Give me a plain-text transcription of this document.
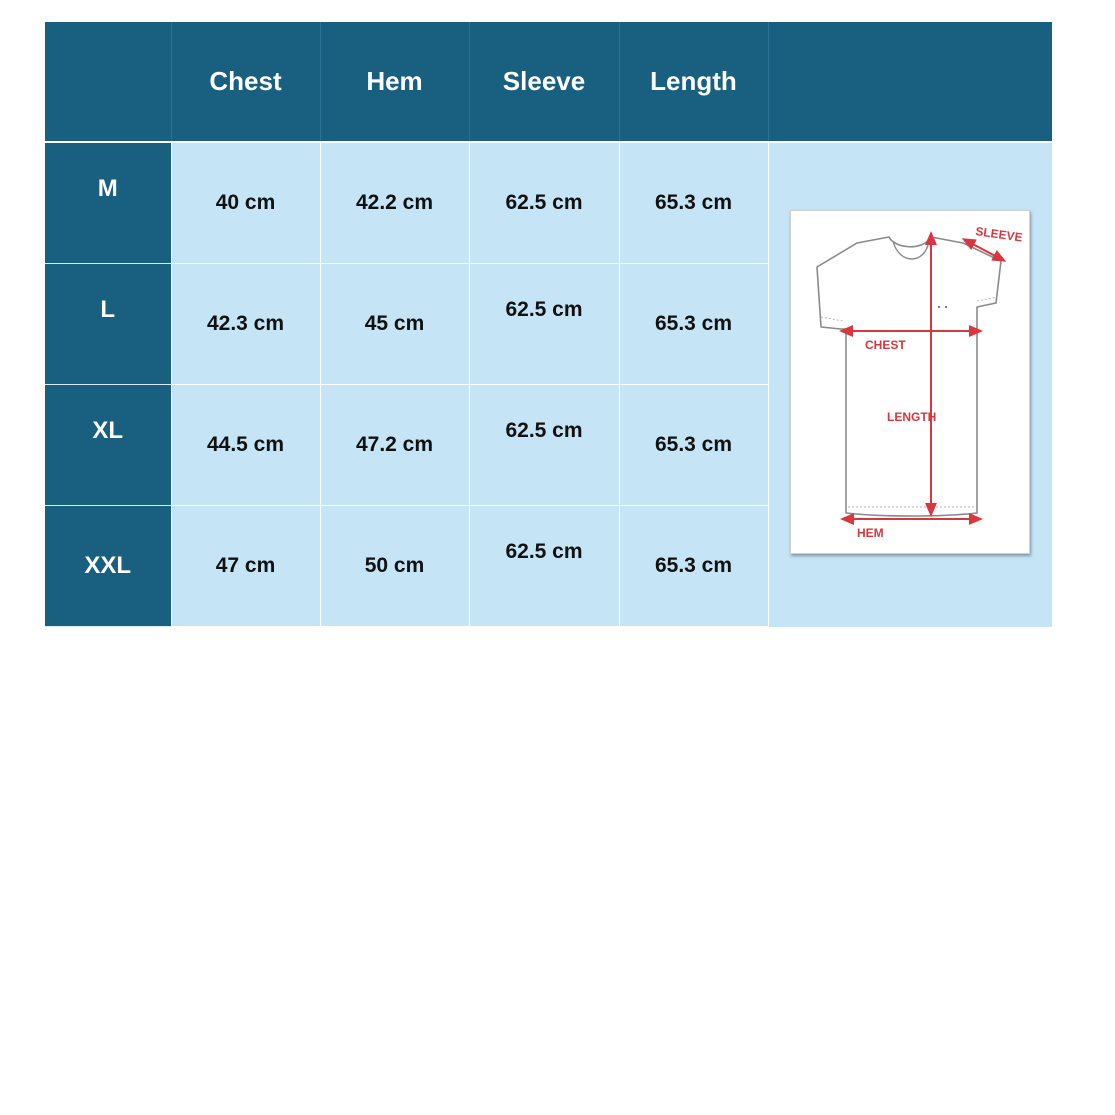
	Chest	Hem	Sleeve	Length	
M	40 cm	42.2 cm	62.5 cm	65.3 cm	SLEEVE
CHEST
LENGTH
HEM

L	42.3 cm	45 cm	62.5 cm	65.3 cm	
XL	44.5 cm	47.2 cm	62.5 cm	65.3 cm	
XXL	47 cm	50 cm	62.5 cm	65.3 cm	
